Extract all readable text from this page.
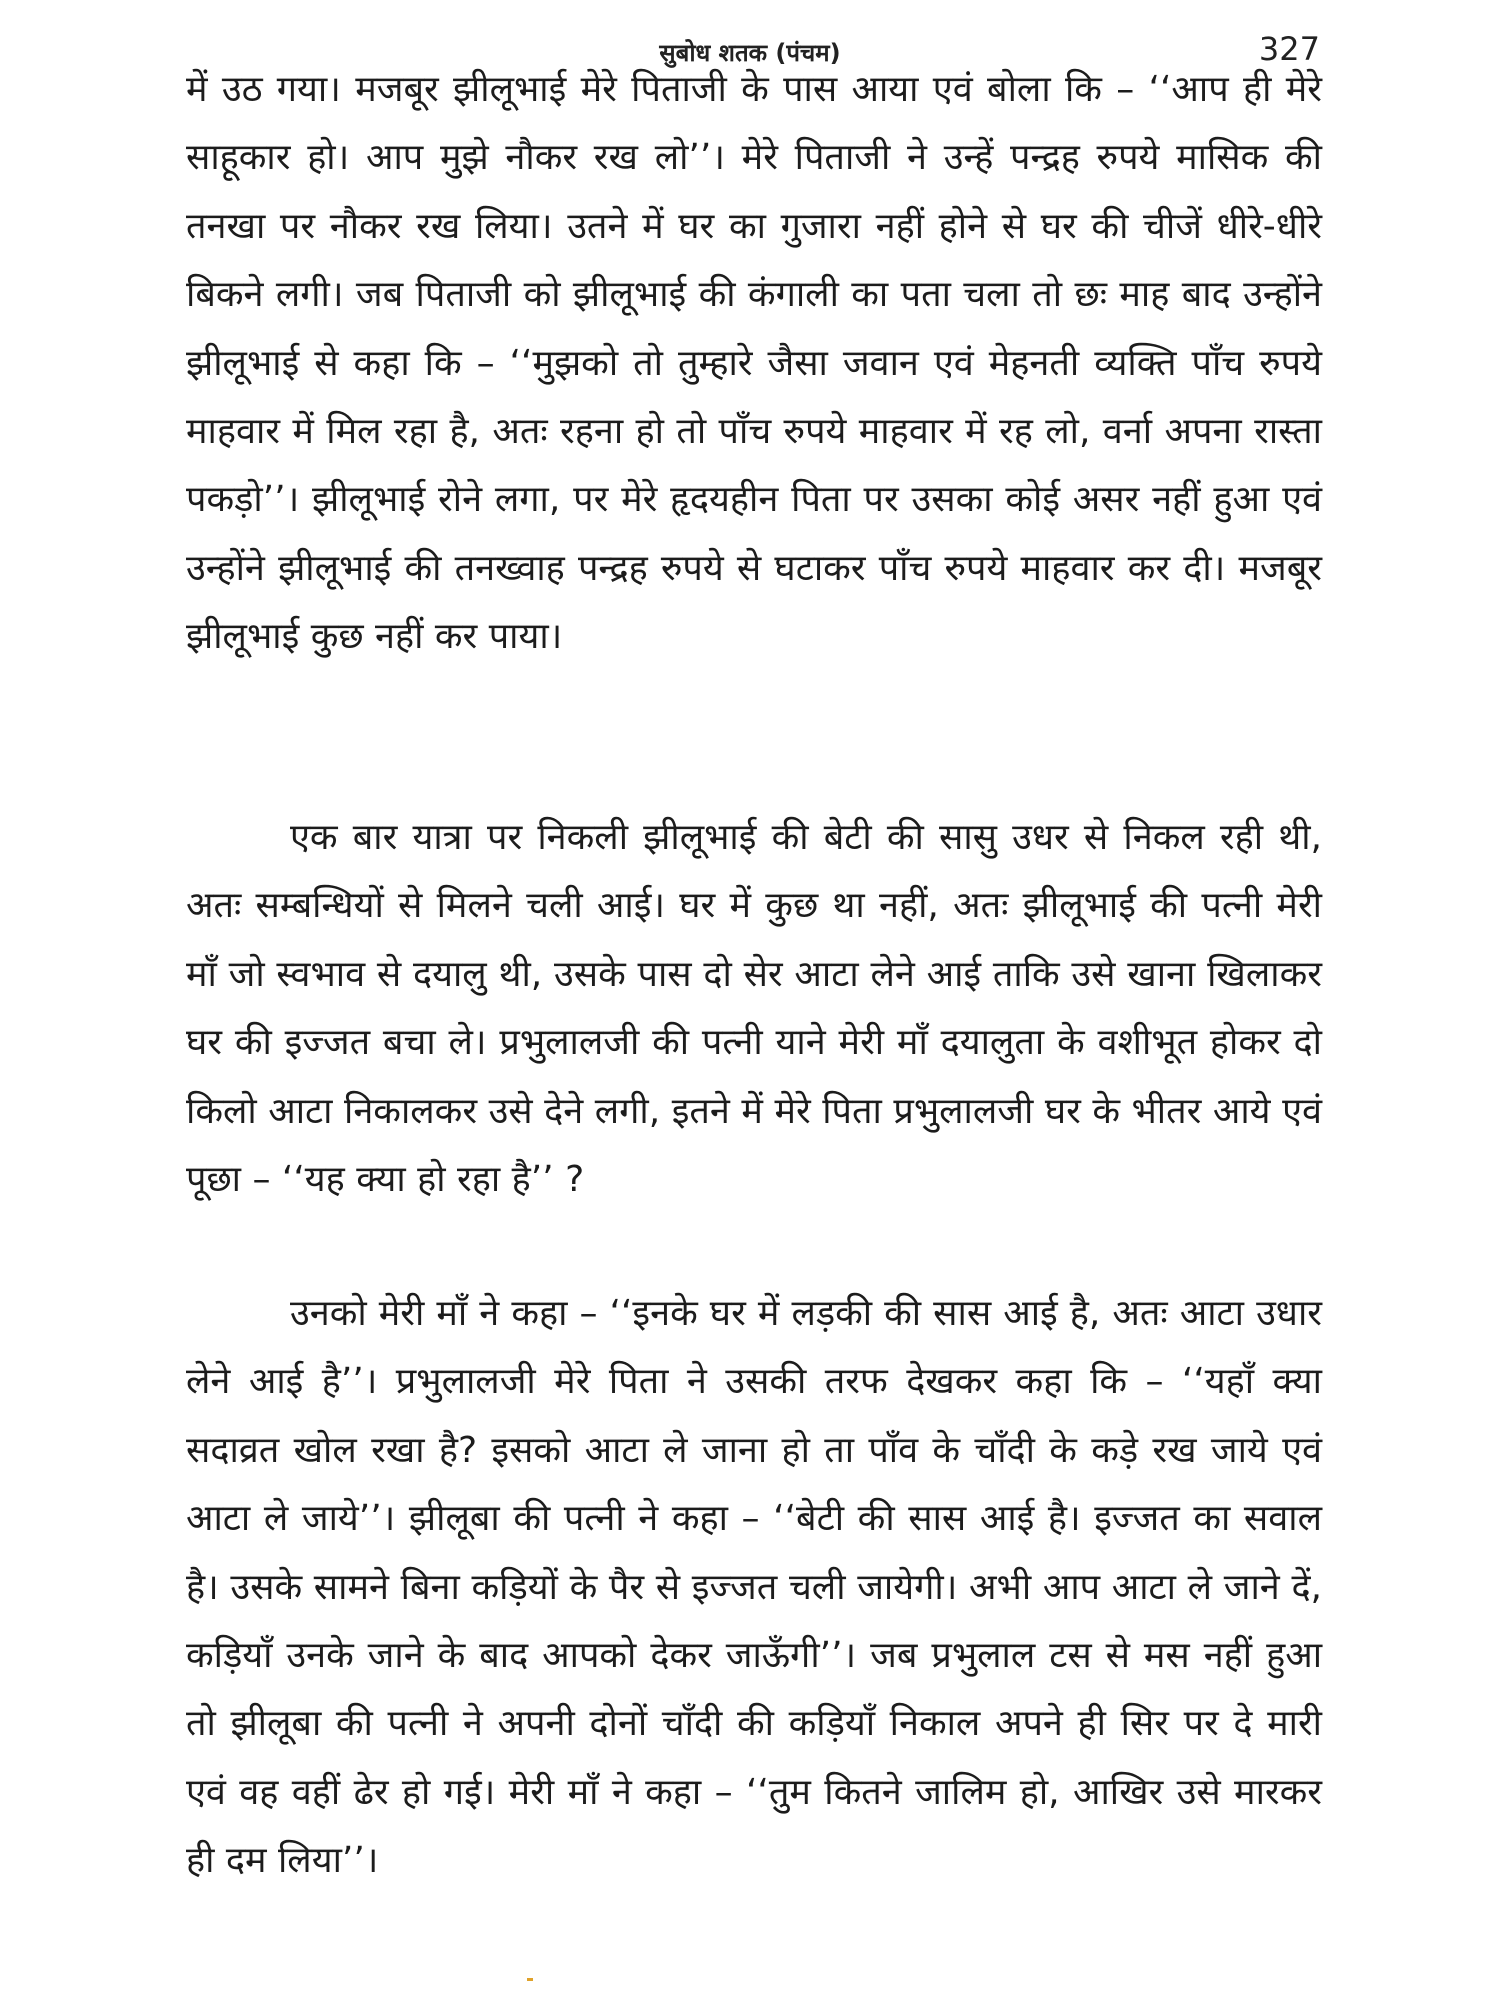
सुबोध शतक (पंचम)	327

में उठ गया। मजबूर झीलूभाई मेरे पिताजी के पास आया एवं बोला कि – ‘‘आप ही मेरे साहूकार हो। आप मुझे नौकर रख लो’’। मेरे पिताजी ने उन्हें पन्द्रह रुपये मासिक की तनखा पर नौकर रख लिया। उतने में घर का गुजारा नहीं होने से घर की चीजें धीरे-धीरे बिकने लगी। जब पिताजी को झीलूभाई की कंगाली का पता चला तो छः माह बाद उन्होंने झीलूभाई से कहा कि – ‘‘मुझको तो तुम्हारे जैसा जवान एवं मेहनती व्यक्ति पाँच रुपये माहवार में मिल रहा है, अतः रहना हो तो पाँच रुपये माहवार में रह लो, वर्ना अपना रास्ता पकड़ो’’। झीलूभाई रोने लगा, पर मेरे हृदयहीन पिता पर उसका कोई असर नहीं हुआ एवं उन्होंने झीलूभाई की तनख्वाह पन्द्रह रुपये से घटाकर पाँच रुपये माहवार कर दी। मजबूर झीलूभाई कुछ नहीं कर पाया।

एक बार यात्रा पर निकली झीलूभाई की बेटी की सासु उधर से निकल रही थी, अतः सम्बन्धियों से मिलने चली आई। घर में कुछ था नहीं, अतः झीलूभाई की पत्नी मेरी माँ जो स्वभाव से दयालु थी, उसके पास दो सेर आटा लेने आई ताकि उसे खाना खिलाकर घर की इज्जत बचा ले। प्रभुलालजी की पत्नी याने मेरी माँ दयालुता के वशीभूत होकर दो किलो आटा निकालकर उसे देने लगी, इतने में मेरे पिता प्रभुलालजी घर के भीतर आये एवं पूछा – ‘‘यह क्या हो रहा है’’ ?

उनको मेरी माँ ने कहा – ‘‘इनके घर में लड़की की सास आई है, अतः आटा उधार लेने आई है’’। प्रभुलालजी मेरे पिता ने उसकी तरफ देखकर कहा कि – ‘‘यहाँ क्या सदाव्रत खोल रखा है? इसको आटा ले जाना हो ता पाँव के चाँदी के कड़े रख जाये एवं आटा ले जाये’’। झीलूबा की पत्नी ने कहा – ‘‘बेटी की सास आई है। इज्जत का सवाल है। उसके सामने बिना कड़ियों के पैर से इज्जत चली जायेगी। अभी आप आटा ले जाने दें, कड़ियाँ उनके जाने के बाद आपको देकर जाऊँगी’’। जब प्रभुलाल टस से मस नहीं हुआ तो झीलूबा की पत्नी ने अपनी दोनों चाँदी की कड़ियाँ निकाल अपने ही सिर पर दे मारी एवं वह वहीं ढेर हो गई। मेरी माँ ने कहा – ‘‘तुम कितने जालिम हो, आखिर उसे मारकर ही दम लिया’’।
